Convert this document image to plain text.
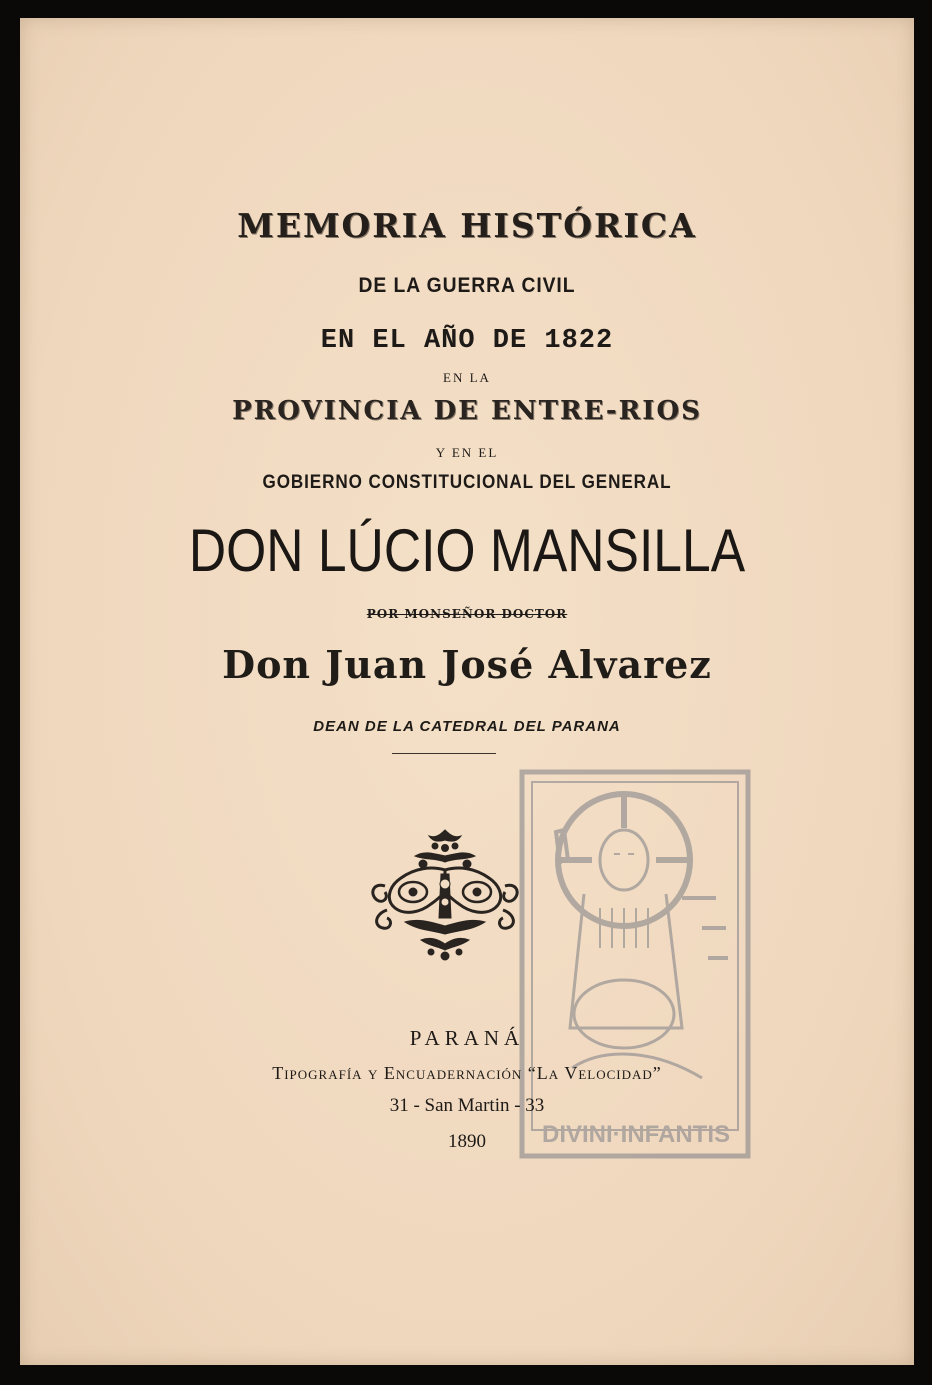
MEMORIA HISTÓRICA
DE LA GUERRA CIVIL
EN EL AÑO DE 1822
EN LA
PROVINCIA DE ENTRE-RIOS
Y EN EL
GOBIERNO CONSTITUCIONAL DEL GENERAL
DON LÚCIO MANSILLA
POR MONSEÑOR DOCTOR
Don Juan José Alvarez
DEAN DE LA CATEDRAL DEL PARANA
DIVINI·INFANTIS
PARANÁ
Tipografía y Encuadernación “La Velocidad”
31 - San Martin - 33
1890
